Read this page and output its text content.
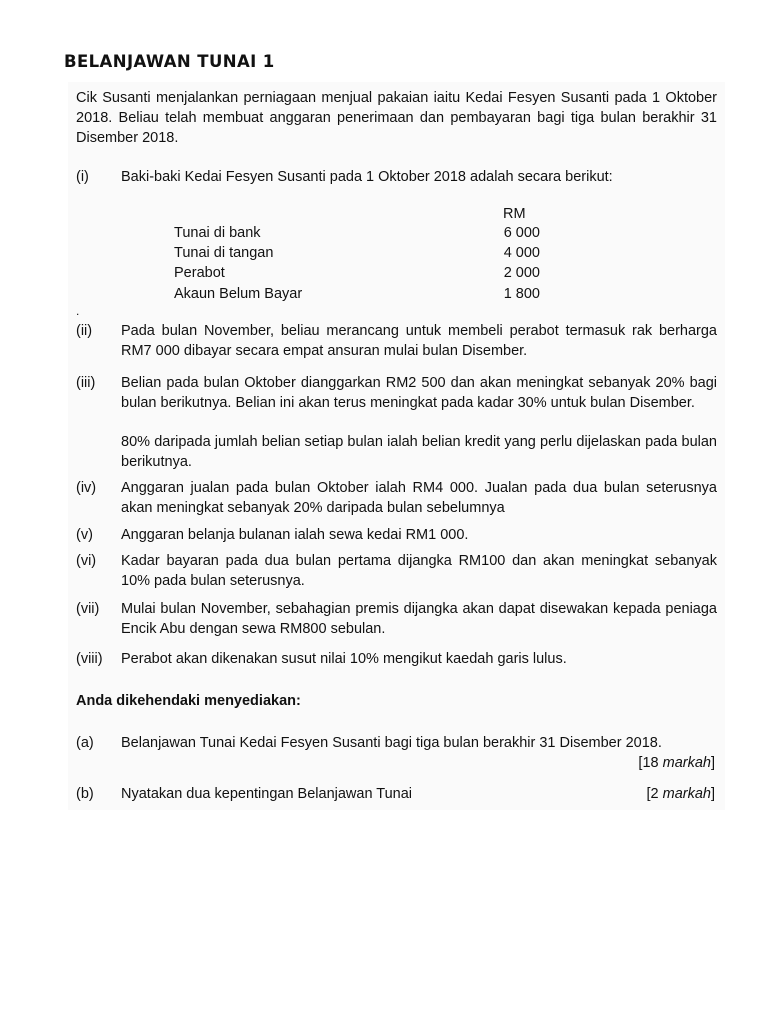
BELANJAWAN TUNAI 1

Cik Susanti menjalankan perniagaan menjual pakaian iaitu Kedai Fesyen Susanti pada 1 Oktober 2018. Beliau telah membuat anggaran penerimaan dan pembayaran bagi tiga bulan berakhir 31 Disember 2018.

(i) Baki-baki Kedai Fesyen Susanti pada 1 Oktober 2018 adalah secara berikut:

RM
Tunai di bank	6 000
Tunai di tangan	4 000
Perabot	2 000
Akaun Belum Bayar	1 800
.

(ii) Pada bulan November, beliau merancang untuk membeli perabot termasuk rak berharga RM7 000 dibayar secara empat ansuran mulai bulan Disember.

(iii) Belian pada bulan Oktober dianggarkan RM2 500 dan akan meningkat sebanyak 20% bagi bulan berikutnya. Belian ini akan terus meningkat pada kadar 30% untuk bulan Disember.

80% daripada jumlah belian setiap bulan ialah belian kredit yang perlu dijelaskan pada bulan berikutnya.

(iv) Anggaran jualan pada bulan Oktober ialah RM4 000. Jualan pada dua bulan seterusnya akan meningkat sebanyak 20% daripada bulan sebelumnya

(v) Anggaran belanja bulanan ialah sewa kedai RM1 000.

(vi) Kadar bayaran pada dua bulan pertama dijangka RM100 dan akan meningkat sebanyak 10% pada bulan seterusnya.

(vii) Mulai bulan November, sebahagian premis dijangka akan dapat disewakan kepada peniaga Encik Abu dengan sewa RM800 sebulan.

(viii) Perabot akan dikenakan susut nilai 10% mengikut kaedah garis lulus.

Anda dikehendaki menyediakan:

(a) Belanjawan Tunai Kedai Fesyen Susanti bagi tiga bulan berakhir 31 Disember 2018.

[18 markah]

(b) Nyatakan dua kepentingan Belanjawan Tunai	[2 markah]
